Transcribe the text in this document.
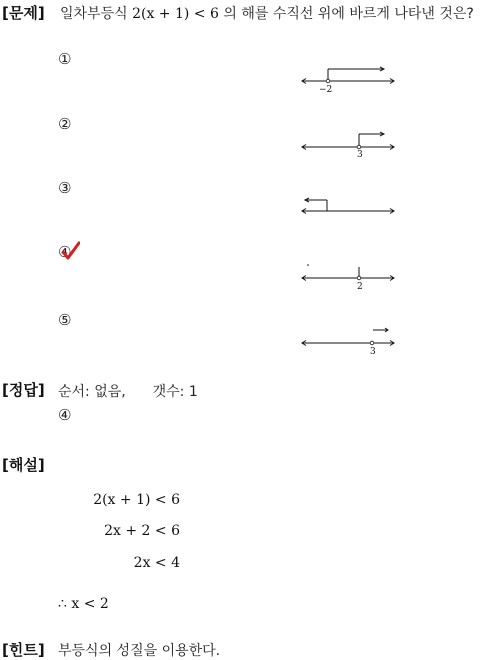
[문제] 일차부등식 2(x + 1) < 6 의 해를 수직선 위에 바르게 나타낸 것은?
①
−2
②
3
③
④
2
⑤
3
[정답] 순서: 없음, 갯수: 1
④
[해설]
2(x + 1) < 6
2x + 2 < 6
2x < 4
∴ x < 2
[힌트] 부등식의 성질을 이용한다.
